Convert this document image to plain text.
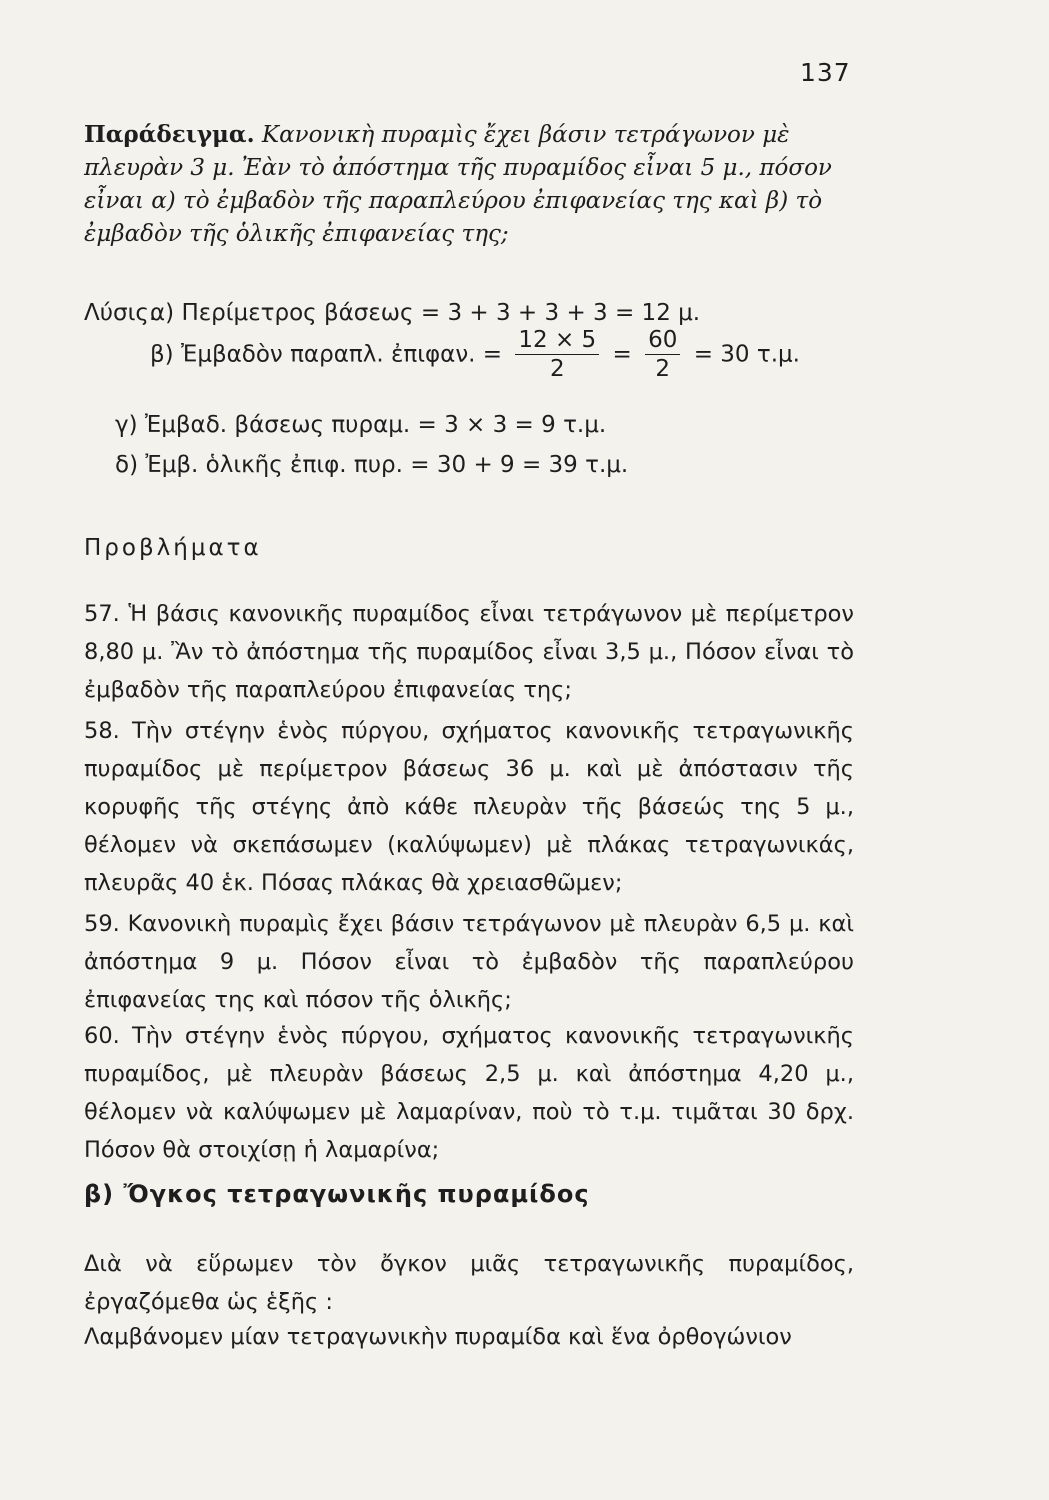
137
Παράδειγμα. Κανονικὴ πυραμὶς ἔχει βάσιν τετράγωνον μὲ πλευρὰν 3 μ. Ἐὰν τὸ ἀπόστημα τῆς πυραμίδος εἶναι 5 μ., πόσον εἶναι α) τὸ ἐμβαδὸν τῆς παραπλεύρου ἐπιφανείας της καὶ β) τὸ ἐμβαδὸν τῆς ὁλικῆς ἐπιφανείας της;
Λύσις.
α) Περίμετρος βάσεως = 3 + 3 + 3 + 3 = 12 μ.
β) Ἐμβαδὸν παραπλ. ἐπιφαν. = $\frac{12 \times 5}{2} = \frac{60}{2} = 30$ τ.μ.
γ) Ἐμβαδ. βάσεως πυραμ. = 3 × 3 = 9 τ.μ.
δ) Ἐμβ. ὁλικῆς ἐπιφ. πυρ. = 30 + 9 = 39 τ.μ.
Προβλήματα
57. Ἡ βάσις κανονικῆς πυραμίδος εἶναι τετράγωνον μὲ περίμετρον 8,80 μ. Ἂν τὸ ἀπόστημα τῆς πυραμίδος εἶναι 3,5 μ., Πόσον εἶναι τὸ ἐμβαδὸν τῆς παραπλεύρου ἐπιφανείας της;
58. Τὴν στέγην ἑνὸς πύργου, σχήματος κανονικῆς τετραγωνικῆς πυραμίδος μὲ περίμετρον βάσεως 36 μ. καὶ μὲ ἀπόστασιν τῆς κορυφῆς τῆς στέγης ἀπὸ κάθε πλευρὰν τῆς βάσεώς της 5 μ., θέλομεν νὰ σκεπάσωμεν (καλύψωμεν) μὲ πλάκας τετραγωνικάς, πλευρᾶς 40 ἑκ. Πόσας πλάκας θὰ χρειασθῶμεν;
59. Κανονικὴ πυραμὶς ἔχει βάσιν τετράγωνον μὲ πλευρὰν 6,5 μ. καὶ ἀπόστημα 9 μ. Πόσον εἶναι τὸ ἐμβαδὸν τῆς παραπλεύρου ἐπιφανείας της καὶ πόσον τῆς ὁλικῆς;
60. Τὴν στέγην ἑνὸς πύργου, σχήματος κανονικῆς τετραγωνικῆς πυραμίδος, μὲ πλευρὰν βάσεως 2,5 μ. καὶ ἀπόστημα 4,20 μ., θέλομεν νὰ καλύψωμεν μὲ λαμαρίναν, ποὺ τὸ τ.μ. τιμᾶται 30 δρχ. Πόσον θὰ στοιχίσῃ ἡ λαμαρίνα;
β) Ὄγκος τετραγωνικῆς πυραμίδος
Διὰ νὰ εὕρωμεν τὸν ὄγκον μιᾶς τετραγωνικῆς πυραμίδος, ἐργαζόμεθα ὡς ἑξῆς :
Λαμβάνομεν μίαν τετραγωνικὴν πυραμίδα καὶ ἕνα ὀρθογώνιον
